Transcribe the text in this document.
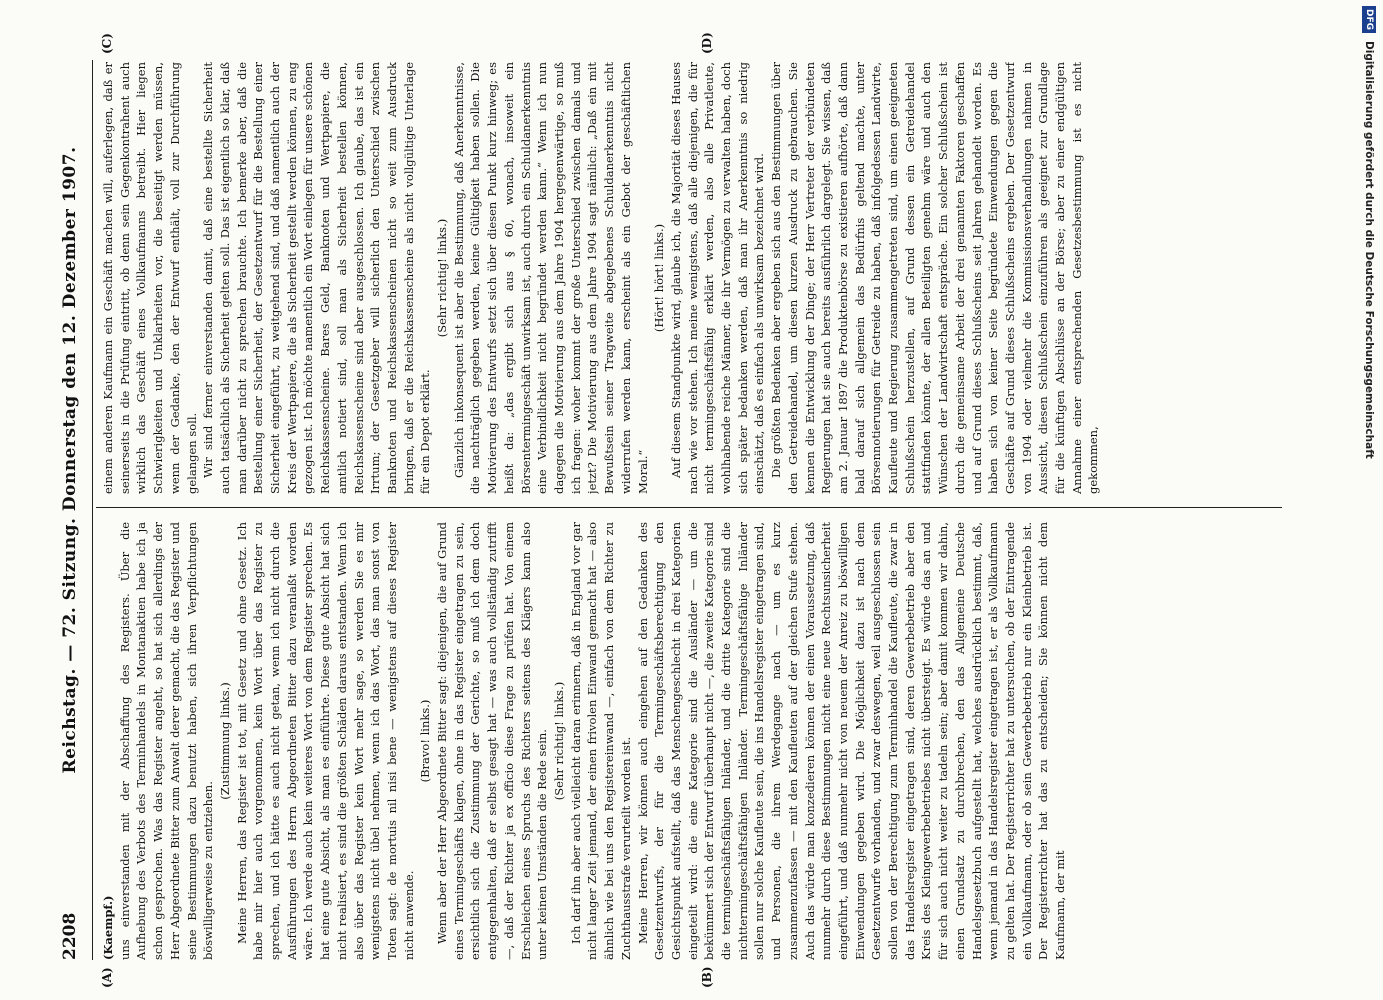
2208
Reichstag. — 72. Sitzung. Donnerstag den 12. Dezember 1907.
(A)	(B)
(C)	(D)

(Kaempf.) uns einverstanden mit der Abschaffung des Registers. Über die Aufhebung des Verbots des Terminhandels in Montanaktien habe ich ja schon gesprochen. Was das Register angeht, so hat sich allerdings der Herr Abgeordnete Bitter zum Anwalt derer gemacht, die das Register und seine Bestimmungen dazu benutzt haben, sich ihren Verpflichtungen böswilligerweise zu entziehen.

(Zustimmung links.) Meine Herren, das Register ist tot, mit Gesetz und ohne Gesetz. Ich habe mir hier auch vorgenommen, kein Wort über das Register zu sprechen, und ich hätte es auch nicht getan, wenn ich nicht durch die Ausführungen des Herrn Abgeordneten Bitter dazu veranlaßt worden wäre. Ich werde auch kein weiteres Wort von dem Register sprechen. Es hat eine gute Absicht, als man es einführte. Diese gute Absicht hat sich nicht realisiert, es sind die größten Schäden daraus entstanden. Wenn ich also über das Register kein Wort mehr sage, so werden Sie es mir wenigstens nicht übel nehmen, wenn ich das Wort, das man sonst von Toten sagt: de mortuis nil nisi bene — wenigstens auf dieses Register nicht anwende.

(Bravo! links.) Wenn aber der Herr Abgeordnete Bitter sagt: diejenigen, die auf Grund eines Termingeschäfts klagen, ohne in das Register eingetragen zu sein, ersichtlich sich die Zustimmung der Gerichte, so muß ich dem doch entgegenhalten, daß er selbst gesagt hat — was auch vollständig zutrifft —, daß der Richter ja ex officio diese Frage zu prüfen hat. Von einem Erschleichen eines Spruchs des Richters seitens des Klägers kann also unter keinen Umständen die Rede sein. (Sehr richtig! links.) Ich darf ihn aber auch vielleicht daran erinnern, daß in England vor gar nicht langer Zeit jemand, der einen frivolen Einwand gemacht hat — also ähnlich wie bei uns den Registereinwand —, einfach von dem Richter zu Zuchthausstrafe verurteilt worden ist. Meine Herren, wir können auch eingehen auf den Gedanken des Gesetzentwurfs, der für die Termingeschäftsberechtigung den Gesichtspunkt aufstellt, daß das Menschengeschlecht in drei Kategorien eingeteilt wird: die eine Kategorie sind die Ausländer — um die bekümmert sich der Entwurf überhaupt nicht —, die zweite Kategorie sind die termingeschäftsfähigen Inländer, und die dritte Kategorie sind die nichttermingeschäftsfähigen Inländer. Termingeschäftsfähige Inländer sollen nur solche Kaufleute sein, die ins Handelsregister eingetragen sind, und Personen, die ihrem Werdegange nach — um es kurz zusammenzufassen — mit den Kaufleuten auf der gleichen Stufe stehen. Auch das würde man konzedieren können der einen Voraussetzung, daß nunmehr durch diese Bestimmungen nicht eine neue Rechtsunsicherheit eingeführt, und daß nunmehr nicht von neuem der Anreiz zu böswilligen Einwendungen gegeben wird. Die Möglichkeit dazu ist nach dem Gesetzentwurfe vorhanden, und zwar deswegen, weil ausgeschlossen sein sollen von der Berechtigung zum Terminhandel die Kaufleute, die zwar in das Handelsregister eingetragen sind, deren Gewerbebetrieb aber den Kreis des Kleingewerbebetriebes nicht übersteigt. Es würde das an und für sich auch nicht weiter zu tadeln sein; aber damit kommen wir dahin, einen Grundsatz zu durchbrechen, den das Allgemeine Deutsche Handelsgesetzbuch aufgestellt hat, welches ausdrücklich bestimmt, daß, wenn jemand in das Handelsregister eingetragen ist, er als Vollkaufmann zu gelten hat. Der Registerrichter hat zu untersuchen, ob der Eintragende ein Vollkaufmann, oder ob sein Gewerbebetrieb nur ein Kleinbetrieb ist. Der Registerrichter hat das zu entscheiden; Sie können nicht dem Kaufmann, der mit

einem anderen Kaufmann ein Geschäft machen will, auferlegen, daß er seinerseits in die Prüfung eintritt, ob denn sein Gegenkontrahent auch wirklich das Geschäft eines Vollkaufmanns betreibt. Hier liegen Schwierigkeiten und Unklarheiten vor, die beseitigt werden müssen, wenn der Gedanke, den der Entwurf enthält, voll zur Durchführung gelangen soll. Wir sind ferner einverstanden damit, daß eine bestellte Sicherheit auch tatsächlich als Sicherheit gelten soll. Das ist eigentlich so klar, daß man darüber nicht zu sprechen brauchte. Ich bemerke aber, daß die Bestellung einer Sicherheit, der Gesetzentwurf für die Bestellung einer Sicherheit eingeführt, zu weitgehend sind, und daß namentlich auch der Kreis der Wertpapiere, die als Sicherheit gestellt werden können, zu eng gezogen ist. Ich möchte namentlich ein Wort einlegen für unsere schönen Reichskassenscheine. Bares Geld, Banknoten und Wertpapiere, die amtlich notiert sind, soll man als Sicherheit bestellen können, Reichskassenscheine sind aber ausgeschlossen. Ich glaube, das ist ein Irrtum; der Gesetzgeber will sicherlich den Unterschied zwischen Banknoten und Reichskassenscheinen nicht so weit zum Ausdruck bringen, daß er die Reichskassenscheine als nicht vollgültige Unterlage für ein Depot erklärt.

(Sehr richtig! links.) Gänzlich inkonsequent ist aber die Bestimmung, daß Anerkenntnisse, die nachträglich gegeben werden, keine Gültigkeit haben sollen. Die Motivierung des Entwurfs setzt sich über diesen Punkt kurz hinweg; es heißt da: „das ergibt sich aus § 60, wonach, insoweit ein Börsentermingeschäft unwirksam ist, auch durch ein Schuldanerkenntnis eine Verbindlichkeit nicht begründet werden kann.“ Wenn ich nun dagegen die Motivierung aus dem Jahre 1904 hergegenwärtige, so muß ich fragen: woher kommt der große Unterschied zwischen damals und jetzt? Die Motivierung aus dem Jahre 1904 sagt nämlich: „Daß ein mit Bewußtsein seiner Tragweite abgegebenes Schuldanerkenntnis nicht widerrufen werden kann, erscheint als ein Gebot der geschäftlichen Moral.“

(Hört! hört! links.) Auf diesem Standpunkte wird, glaube ich, die Majorität dieses Hauses nach wie vor stehen. Ich meine wenigstens, daß alle diejenigen, die für nicht termingeschäftsfähig erklärt werden, also alle Privatleute, wohlhabende reiche Männer, die ihr Vermögen zu verwalten haben, doch sich später bedanken werden, daß man ihr Anerkenntnis so niedrig einschätzt, daß es einfach als unwirksam bezeichnet wird. Die größten Bedenken aber ergeben sich aus den Bestimmungen über den Getreidehandel, um diesen kurzen Ausdruck zu gebrauchen. Sie kennen die Entwicklung der Dinge; der Herr Vertreter der verbündeten Regierungen hat sie auch bereits ausführlich dargelegt. Sie wissen, daß am 2. Januar 1897 die Produktenbörse zu existieren aufhörte, daß dann bald darauf sich allgemein das Bedürfnis geltend machte, unter Börsennotierungen für Getreide zu haben, daß infolgedessen Landwirte, Kaufleute und Regierung zusammengetreten sind, um einen geeigneten Schlußschein herzustellen, auf Grund dessen ein Getreidehandel stattfinden könnte, der allen Beteiligten genehm wäre und auch den Wünschen der Landwirtschaft entspräche. Ein solcher Schlußschein ist durch die gemeinsame Arbeit der drei genannten Faktoren geschaffen und auf Grund dieses Schlußscheins seit Jahren gehandelt worden. Es haben sich von keiner Seite begründete Einwendungen gegen die Geschäfte auf Grund dieses Schlußscheins ergeben. Der Gesetzentwurf von 1904 oder vielmehr die Kommissionsverhandlungen nahmen in Aussicht, diesen Schlußschein einzuführen als geeignet zur Grundlage für die künftigen Abschlüsse an der Börse; aber zu einer endgültigen Annahme einer entsprechenden Gesetzesbestimmung ist es nicht gekommen,

DFG
Digitalisierung gefördert durch die Deutsche Forschungsgemeinschaft
